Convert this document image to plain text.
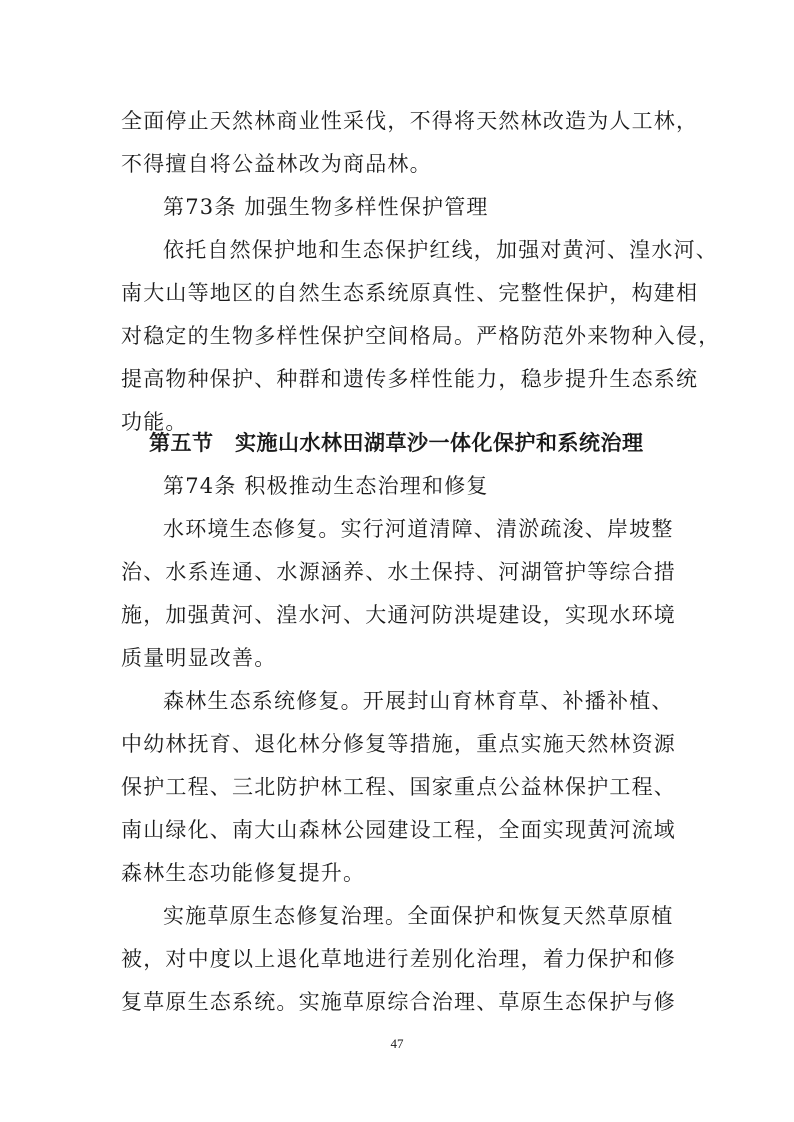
全面停止天然林商业性采伐，不得将天然林改造为人工林，
不得擅自将公益林改为商品林。
第73条 加强生物多样性保护管理
依托自然保护地和生态保护红线，加强对黄河、湟水河、
南大山等地区的自然生态系统原真性、完整性保护，构建相
对稳定的生物多样性保护空间格局。严格防范外来物种入侵，
提高物种保护、种群和遗传多样性能力，稳步提升生态系统
功能。
第五节　实施山水林田湖草沙一体化保护和系统治理
第74条 积极推动生态治理和修复
水环境生态修复。实行河道清障、清淤疏浚、岸坡整
治、水系连通、水源涵养、水土保持、河湖管护等综合措
施，加强黄河、湟水河、大通河防洪堤建设，实现水环境
质量明显改善。
森林生态系统修复。开展封山育林育草、补播补植、
中幼林抚育、退化林分修复等措施，重点实施天然林资源
保护工程、三北防护林工程、国家重点公益林保护工程、
南山绿化、南大山森林公园建设工程，全面实现黄河流域
森林生态功能修复提升。
实施草原生态修复治理。全面保护和恢复天然草原植
被，对中度以上退化草地进行差别化治理，着力保护和修
复草原生态系统。实施草原综合治理、草原生态保护与修
47
